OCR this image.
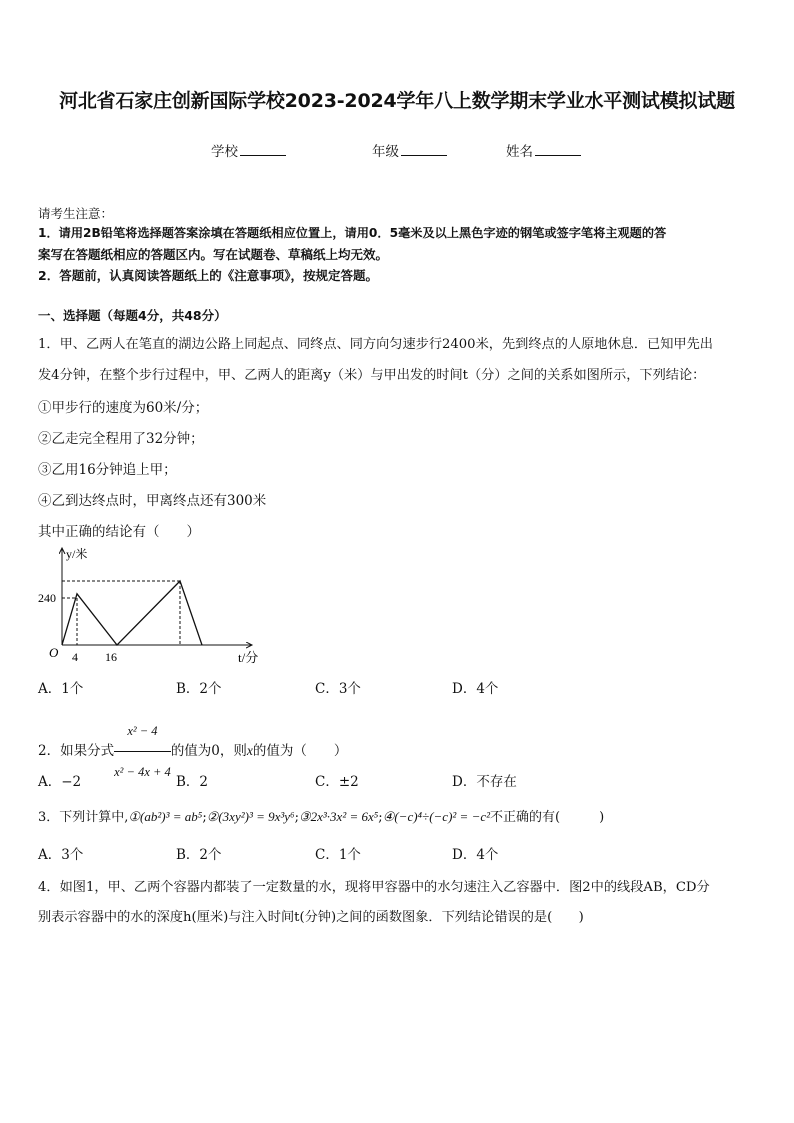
河北省石家庄创新国际学校2023-2024学年八上数学期末学业水平测试模拟试题
学校	年级	姓名
请考生注意：
1．请用2B铅笔将选择题答案涂填在答题纸相应位置上，请用0．5毫米及以上黑色字迹的钢笔或签字笔将主观题的答
案写在答题纸相应的答题区内。写在试题卷、草稿纸上均无效。
2．答题前，认真阅读答题纸上的《注意事项》，按规定答题。
一、选择题（每题4分，共48分）
1．甲、乙两人在笔直的湖边公路上同起点、同终点、同方向匀速步行2400米，先到终点的人原地休息．已知甲先出
发4分钟，在整个步行过程中，甲、乙两人的距离y（米）与甲出发的时间t（分）之间的关系如图所示，下列结论：
①甲步行的速度为60米/分；
②乙走完全程用了32分钟；
③乙用16分钟追上甲；
④乙到达终点时，甲离终点还有300米
其中正确的结论有（　　）
y/米
t/分
O
240
4 16
A．1个	B．2个	C．3个	D．4个
2．如果分式 $\frac{\text{x² − 4}}{\text{x² − 4x + 4}}$ 的值为0，则x的值为（　　）
A．−2	B．2	C．±2	D．不存在
3．下列计算中,①(ab²)³ = ab⁵;②(3xy²)³ = 9x³y⁶;③2x³·3x² = 6x⁵;④(−c)⁴÷(−c)² = −c²不正确的有(　　　)
A．3个	B．2个	C．1个	D．4个
4．如图1，甲、乙两个容器内都装了一定数量的水，现将甲容器中的水匀速注入乙容器中．图2中的线段AB，CD分
别表示容器中的水的深度h(厘米)与注入时间t(分钟)之间的函数图象．下列结论错误的是(　　)
